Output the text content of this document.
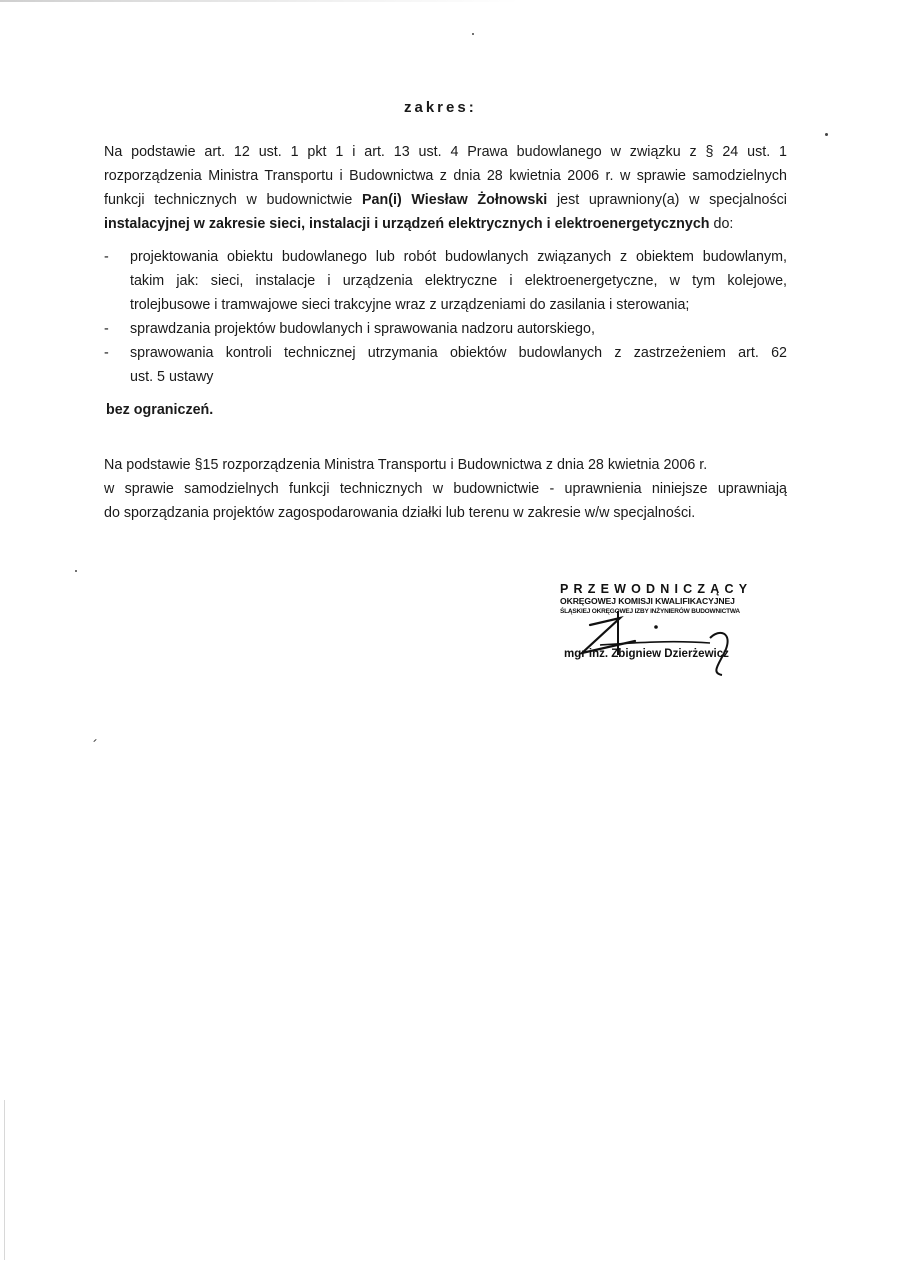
zakres:
Na podstawie art. 12 ust. 1 pkt 1 i art. 13 ust. 4 Prawa budowlanego w związku z § 24 ust. 1
rozporządzenia Ministra Transportu i Budownictwa z dnia 28 kwietnia 2006 r. w sprawie samodzielnych
funkcji technicznych w budownictwie Pan(i) Wiesław Żołnowski jest uprawniony(a) w specjalności
instalacyjnej w zakresie sieci, instalacji i urządzeń elektrycznych i elektroenergetycznych do:
- projektowania obiektu budowlanego lub robót budowlanych związanych z obiektem budowlanym,
takim jak: sieci, instalacje i urządzenia elektryczne i elektroenergetyczne, w tym kolejowe,
trolejbusowe i tramwajowe sieci trakcyjne wraz z urządzeniami do zasilania i sterowania;
- sprawdzania projektów budowlanych i sprawowania nadzoru autorskiego,
- sprawowania kontroli technicznej utrzymania obiektów budowlanych z zastrzeżeniem art. 62
ust. 5 ustawy
bez ograniczeń.
Na podstawie §15 rozporządzenia Ministra Transportu i Budownictwa z dnia 28 kwietnia 2006 r.
w sprawie samodzielnych funkcji technicznych w budownictwie - uprawnienia niniejsze uprawniają
do sporządzania projektów zagospodarowania działki lub terenu w zakresie w/w specjalności.
PRZEWODNICZĄCY
OKRĘGOWEJ KOMISJI KWALIFIKACYJNEJ
ŚLĄSKIEJ OKRĘGOWEJ IZBY INŻYNIERÓW BUDOWNICTWA
mgr inż. Zbigniew Dzierżewicz
